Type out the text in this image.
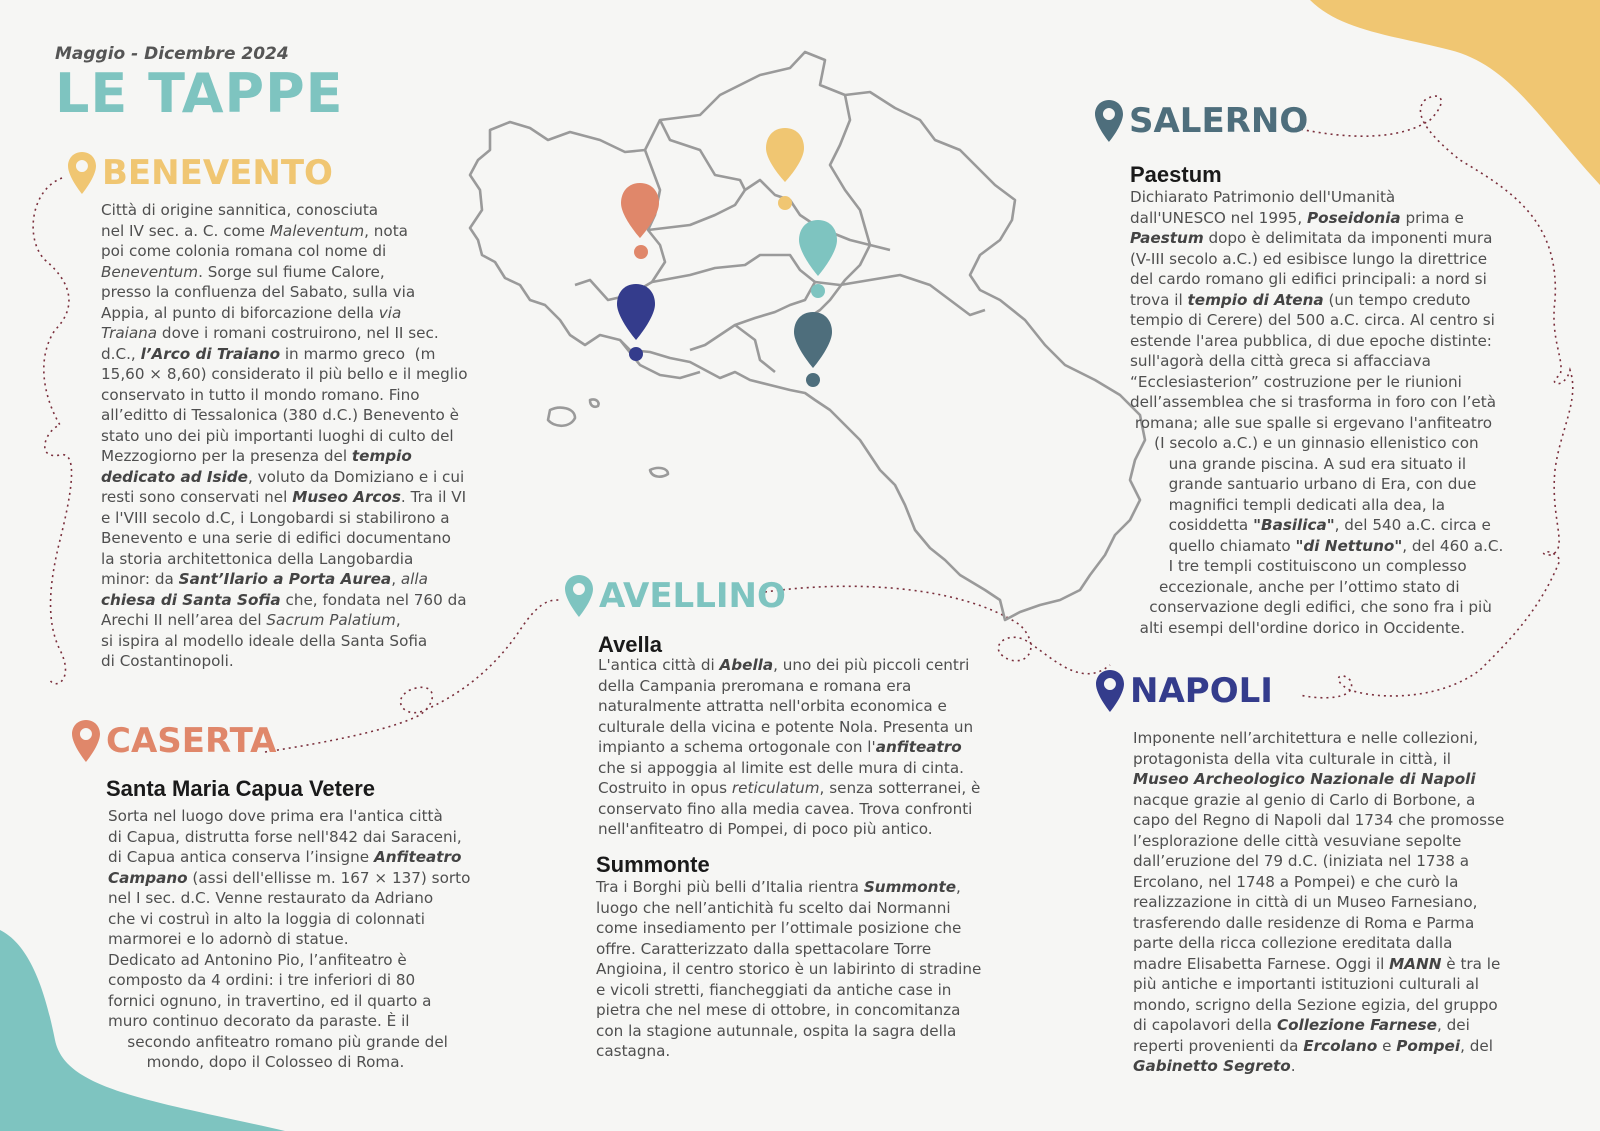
Maggio - Dicembre 2024
LE TAPPE
BENEVENTO
Città di origine sannitica, conosciuta
nel IV sec. a. C. come Maleventum, nota
poi come colonia romana col nome di
Beneventum. Sorge sul fiume Calore,
presso la confluenza del Sabato, sulla via
Appia, al punto di biforcazione della via
Traiana dove i romani costruirono, nel II sec.
d.C., l’Arco di Traiano in marmo greco  (m
15,60 × 8,60) considerato il più bello e il meglio
conservato in tutto il mondo romano. Fino
all’editto di Tessalonica (380 d.C.) Benevento è
stato uno dei più importanti luoghi di culto del
Mezzogiorno per la presenza del tempio
dedicato ad Iside, voluto da Domiziano e i cui
resti sono conservati nel Museo Arcos. Tra il VI
e l'VIII secolo d.C, i Longobardi si stabilirono a
Benevento e una serie di edifici documentano
la storia architettonica della Langobardia
minor: da Sant’Ilario a Porta Aurea, alla
chiesa di Santa Sofia che, fondata nel 760 da
Arechi II nell’area del Sacrum Palatium,
si ispira al modello ideale della Santa Sofia
di Costantinopoli.
CASERTA
Santa Maria Capua Vetere
Sorta nel luogo dove prima era l'antica città
di Capua, distrutta forse nell'842 dai Saraceni,
di Capua antica conserva l’insigne Anfiteatro
Campano (assi dell'ellisse m. 167 × 137) sorto
nel I sec. d.C. Venne restaurato da Adriano
che vi costruì in alto la loggia di colonnati
marmorei e lo adornò di statue.
Dedicato ad Antonino Pio, l’anfiteatro è
composto da 4 ordini: i tre inferiori di 80
fornici ognuno, in travertino, ed il quarto a
muro continuo decorato da paraste. È il
secondo anfiteatro romano più grande del
mondo, dopo il Colosseo di Roma.
AVELLINO
Avella
L'antica città di Abella, uno dei più piccoli centri
della Campania preromana e romana era
naturalmente attratta nell'orbita economica e
culturale della vicina e potente Nola. Presenta un
impianto a schema ortogonale con l'anfiteatro
che si appoggia al limite est delle mura di cinta.
Costruito in opus reticulatum, senza sotterranei, è
conservato fino alla media cavea. Trova confronti
nell'anfiteatro di Pompei, di poco più antico.
Summonte
Tra i Borghi più belli d’Italia rientra Summonte,
luogo che nell’antichità fu scelto dai Normanni
come insediamento per l’ottimale posizione che
offre. Caratterizzato dalla spettacolare Torre
Angioina, il centro storico è un labirinto di stradine
e vicoli stretti, fiancheggiati da antiche case in
pietra che nel mese di ottobre, in concomitanza
con la stagione autunnale, ospita la sagra della
castagna.
SALERNO
Paestum
Dichiarato Patrimonio dell'Umanità
dall'UNESCO nel 1995, Poseidonia prima e
Paestum dopo è delimitata da imponenti mura
(V-III secolo a.C.) ed esibisce lungo la direttrice
del cardo romano gli edifici principali: a nord si
trova il tempio di Atena (un tempo creduto
tempio di Cerere) del 500 a.C. circa. Al centro si
estende l'area pubblica, di due epoche distinte:
sull'agorà della città greca si affacciava
“Ecclesiasterion” costruzione per le riunioni
dell’assemblea che si trasforma in foro con l’età
romana; alle sue spalle si ergevano l'anfiteatro
(I secolo a.C.) e un ginnasio ellenistico con
una grande piscina. A sud era situato il
grande santuario urbano di Era, con due
magnifici templi dedicati alla dea, la
cosiddetta "Basilica", del 540 a.C. circa e
quello chiamato "di Nettuno", del 460 a.C.
I tre templi costituiscono un complesso
eccezionale, anche per l’ottimo stato di
conservazione degli edifici, che sono fra i più
alti esempi dell'ordine dorico in Occidente.
NAPOLI
Imponente nell’architettura e nelle collezioni,
protagonista della vita culturale in città, il
Museo Archeologico Nazionale di Napoli
nacque grazie al genio di Carlo di Borbone, a
capo del Regno di Napoli dal 1734 che promosse
l’esplorazione delle città vesuviane sepolte
dall’eruzione del 79 d.C. (iniziata nel 1738 a
Ercolano, nel 1748 a Pompei) e che curò la
realizzazione in città di un Museo Farnesiano,
trasferendo dalle residenze di Roma e Parma
parte della ricca collezione ereditata dalla
madre Elisabetta Farnese. Oggi il MANN è tra le
più antiche e importanti istituzioni culturali al
mondo, scrigno della Sezione egizia, del gruppo
di capolavori della Collezione Farnese, dei
reperti provenienti da Ercolano e Pompei, del
Gabinetto Segreto.
